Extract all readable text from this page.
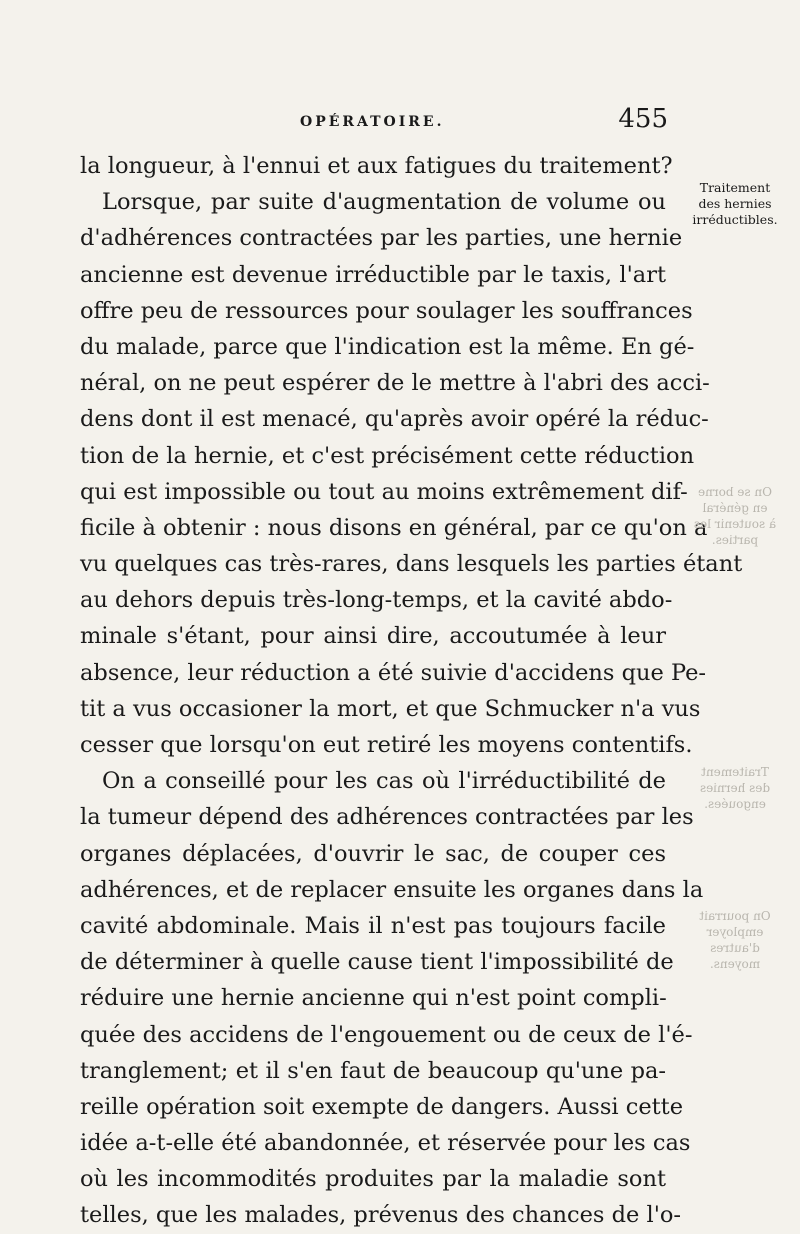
OPÉRATOIRE.	455
la longueur, à l'ennui et aux fatigues du traitement?
Lorsque, par suite d'augmentation de volume ou
d'adhérences contractées par les parties, une hernie
ancienne est devenue irréductible par le taxis, l'art
offre peu de ressources pour soulager les souffrances
du malade, parce que l'indication est la même. En gé-
néral, on ne peut espérer de le mettre à l'abri des acci-
dens dont il est menacé, qu'après avoir opéré la réduc-
tion de la hernie, et c'est précisément cette réduction
qui est impossible ou tout au moins extrêmement dif-
ficile à obtenir : nous disons en général, par ce qu'on a
vu quelques cas très-rares, dans lesquels les parties étant
au dehors depuis très-long-temps, et la cavité abdo-
minale s'étant, pour ainsi dire, accoutumée à leur
absence, leur réduction a été suivie d'accidens que Pe-
tit a vus occasioner la mort, et que Schmucker n'a vus
cesser que lorsqu'on eut retiré les moyens contentifs.
On a conseillé pour les cas où l'irréductibilité de
la tumeur dépend des adhérences contractées par les
organes déplacées, d'ouvrir le sac, de couper ces
adhérences, et de replacer ensuite les organes dans la
cavité abdominale. Mais il n'est pas toujours facile
de déterminer à quelle cause tient l'impossibilité de
réduire une hernie ancienne qui n'est point compli-
quée des accidens de l'engouement ou de ceux de l'é-
tranglement; et il s'en faut de beaucoup qu'une pa-
reille opération soit exempte de dangers. Aussi cette
idée a-t-elle été abandonnée, et réservée pour les cas
où les incommodités produites par la maladie sont
telles, que les malades, prévenus des chances de l'o-
Traitement
des hernies
irréductibles.
On se borne
en général
à soutenir les
parties.
Traitement
des hernies
engouées.
On pourrait
employer
d'autres
moyens.
